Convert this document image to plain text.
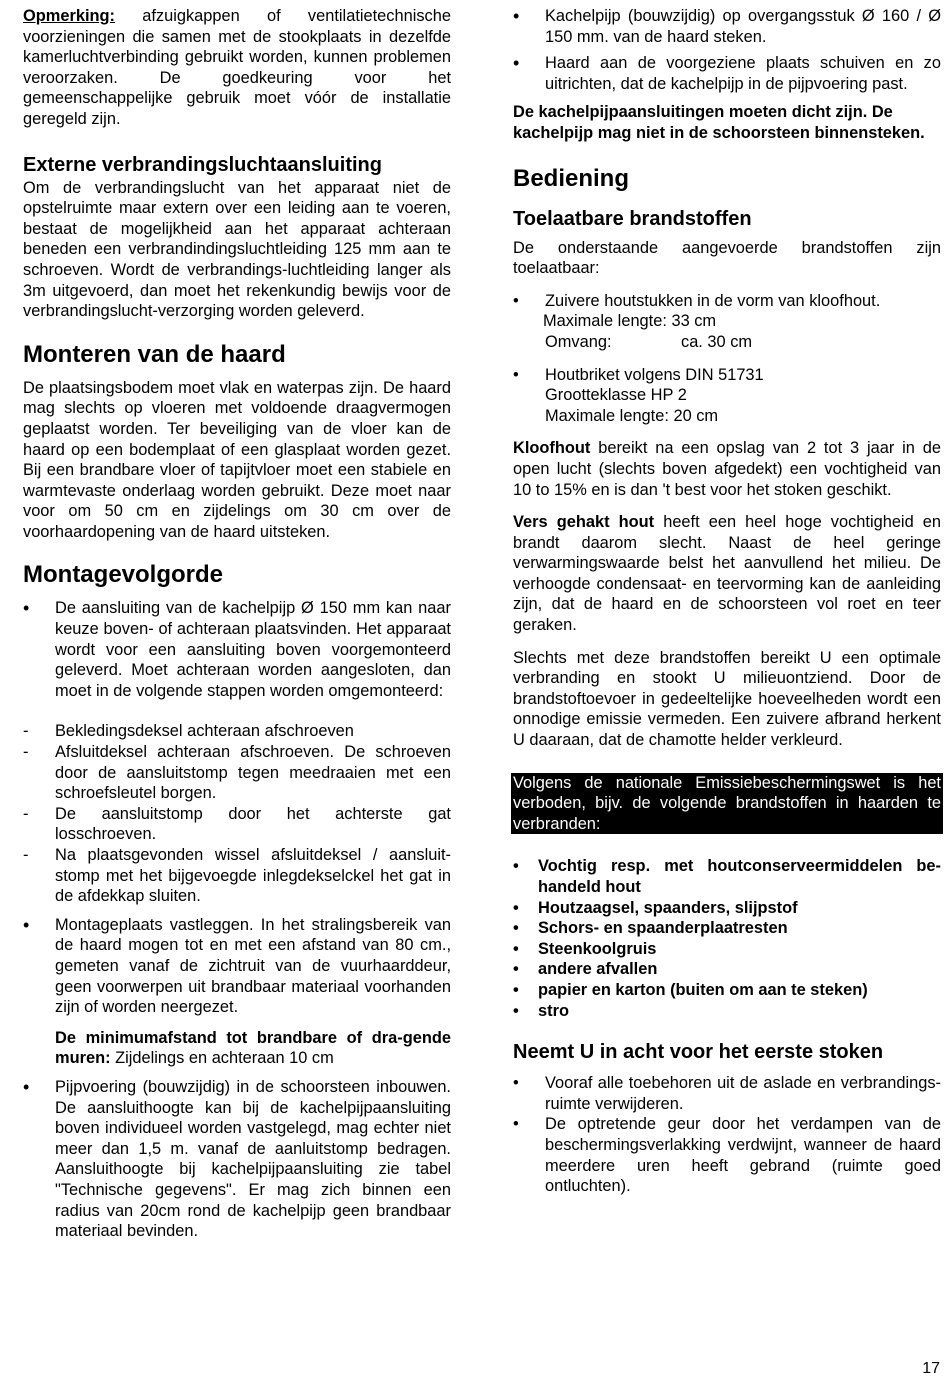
Opmerking: afzuigkappen of ventilatietechnische voorzieningen die samen met de stookplaats in dezelfde kamerluchtverbinding gebruikt worden, kunnen problemen veroorzaken. De goedkeuring voor het gemeenschappelijke gebruik moet vóór de installatie geregeld zijn.

Externe verbrandingsluchtaansluiting

Om de verbrandingslucht van het apparaat niet de opstelruimte maar extern over een leiding aan te voeren, bestaat de mogelijkheid aan het apparaat achteraan beneden een verbrandindingsluchtleiding 125 mm aan te schroeven. Wordt de verbrandings-luchtleiding langer als 3m uitgevoerd, dan moet het rekenkundig bewijs voor de verbrandingslucht-verzorging worden geleverd.

Monteren van de haard

De plaatsingsbodem moet vlak en waterpas zijn. De haard mag slechts op vloeren met voldoende draagvermogen geplaatst worden. Ter beveiliging van de vloer kan de haard op een bodemplaat of een glasplaat worden gezet. Bij een brandbare vloer of tapijtvloer moet een stabiele en warmtevaste onderlaag worden gebruikt. Deze moet naar voor om 50 cm en zijdelings om 30 cm over de voorhaardopening van de haard uitsteken.

Montagevolgorde
•	De aansluiting van de kachelpijp Ø 150 mm kan naar keuze boven- of achteraan plaatsvinden. Het apparaat wordt voor een aansluiting boven voorgemonteerd geleverd. Moet achteraan worden aangesloten, dan moet in de volgende stappen worden omgemonteerd:
-	Bekledingsdeksel achteraan afschroeven
-	Afsluitdeksel achteraan afschroeven. De schroeven door de aansluitstomp tegen meedraaien met een schroefsleutel borgen.
-	De aansluitstomp door het achterste gat losschroeven.
-	Na plaatsgevonden wissel afsluitdeksel / aansluit-stomp met het bijgevoegde inlegdekselckel het gat in de afdekkap sluiten.
•	Montageplaats vastleggen. In het stralingsbereik van de haard mogen tot en met een afstand van 80 cm., gemeten vanaf de zichtruit van de vuurhaarddeur, geen voorwerpen uit brandbaar materiaal voorhanden zijn of worden neergezet.

De minimumafstand tot brandbare of dra-gende muren: Zijdelings en achteraan 10 cm

•	Pijpvoering (bouwzijdig) in de schoorsteen inbouwen. De aansluithoogte kan bij de kachelpijpaansluiting boven individueel worden vastgelegd, mag echter niet meer dan 1,5 m. vanaf de aanluitstomp bedragen. Aansluithoogte bij kachelpijpaansluiting zie tabel "Technische gegevens". Er mag zich binnen een radius van 20cm rond de kachelpijp geen brandbaar materiaal bevinden.
•	Kachelpijp (bouwzijdig) op overgangsstuk Ø 160 / Ø 150 mm. van de haard steken.
•	Haard aan de voorgeziene plaats schuiven en zo uitrichten, dat de kachelpijp in de pijpvoering past.

De kachelpijpaansluitingen moeten dicht zijn. De kachelpijp mag niet in de schoorsteen binnensteken.

Bediening
Toelaatbare brandstoffen

De onderstaande aangevoerde brandstoffen zijn toelaatbaar:

•	Zuivere houtstukken in de vorm van kloofhout.
Maximale lengte: 33 cm
Omvang:	ca. 30 cm
•	Houtbriket volgens DIN 51731
Grootteklasse HP 2
Maximale lengte: 20 cm

Kloofhout bereikt na een opslag van 2 tot 3 jaar in de open lucht (slechts boven afgedekt) een vochtigheid van 10 to 15% en is dan 't best voor het stoken geschikt.

Vers gehakt hout heeft een heel hoge vochtigheid en brandt daarom slecht. Naast de heel geringe verwarmingswaarde belst het aanvullend het milieu. De verhoogde condensaat- en teervorming kan de aanleiding zijn, dat de haard en de schoorsteen vol roet en teer geraken.

Slechts met deze brandstoffen bereikt U een optimale verbranding en stookt U milieuontziend. Door de brandstoftoevoer in gedeeltelijke hoeveelheden wordt een onnodige emissie vermeden. Een zuivere afbrand herkent U daaraan, dat de chamotte helder verkleurd.

Volgens de nationale Emissiebeschermingswet is het verboden, bijv. de volgende brandstoffen in haarden te verbranden:
•	Vochtig resp. met houtconserveermiddelen be-handeld hout
•	Houtzaagsel, spaanders, slijpstof
•	Schors- en spaanderplaatresten
•	Steenkoolgruis
•	andere afvallen
•	papier en karton (buiten om aan te steken)
•	stro
Neemt U in acht voor het eerste stoken
•	Vooraf alle toebehoren uit de aslade en verbrandings-ruimte verwijderen.
•	De optretende geur door het verdampen van de beschermingsverlakking verdwijnt, wanneer de haard meerdere uren heeft gebrand (ruimte goed ontluchten).
17
